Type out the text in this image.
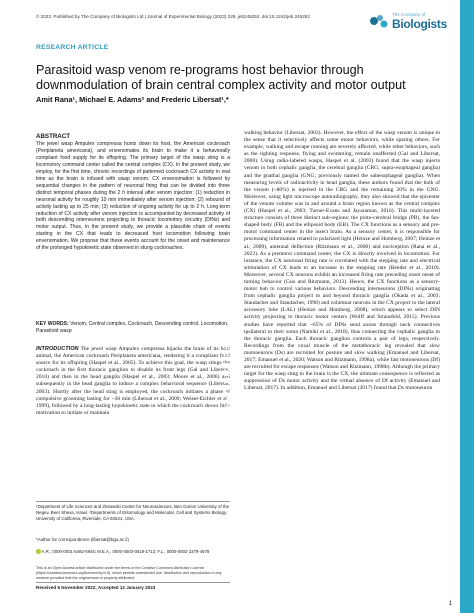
© 2023. Published by The Company of Biologists Ltd | Journal of Experimental Biology (2023) 226, jeb245252. doi:10.1242/jeb.245252	The Company of
Biologists
RESEARCH ARTICLE
Parasitoid wasp venom re-programs host behavior through downmodulation of brain central complex activity and motor output
Amit Rana¹, Michael E. Adams² and Frederic Libersat¹,*
ABSTRACT
The jewel wasp Ampulex compressa hunts down its host, the American cockroach (Periplaneta americana), and envenomates its brain to make it a behaviorally compliant food supply for its offspring. The primary target of the wasp sting is a locomotory command center called the central complex (CX). In the present study, we employ, for the first time, chronic recordings of patterned cockroach CX activity in real time as the brain is infused with wasp venom. CX envenomation is followed by sequential changes in the pattern of neuronal firing that can be divided into three distinct temporal phases during the 2 h interval after venom injection: (1) reduction in neuronal activity for roughly 10 min immediately after venom injection; (2) rebound of activity lasting up to 25 min; (3) reduction of ongoing activity for up to 2 h. Long-term reduction of CX activity after venom injection is accompanied by decreased activity of both descending interneurons projecting to thoracic locomotory circuitry (DINs) and motor output. Thus, in the present study, we provide a plausible chain of events starting in the CX that leads to decreased host locomotion following brain envenomation. We propose that these events account for the onset and maintenance of the prolonged hypokinetic state observed in stung cockroaches.
KEY WORDS: Venom, Central complex, Cockroach, Descending control, Locomotion, Parasitoid wasp
INTRODUCTION The jewel wasp Ampulex compressa hijacks the brain of its host animal, the American cockroach Periplaneta americana, rendering it a compliant food source for its offspring (Haspel et al., 2005). To achieve this goal, the wasp stings the cockroach in the first thoracic ganglion to disable its front legs (Gal and Libersat, 2010) and then in the head ganglia (Haspel et al., 2003; Moore et al., 2006) and subsequently in the head ganglia to induce a complex behavioral sequence (Libersat, 2003). Shortly after the head sting is employed, the cockroach initiates a phase of compulsive grooming lasting for ~30 min (Libersat et al., 2009; Weisel-Eichler et al., 1999), followed by a long-lasting hypokinetic state in which the cockroach shows little motivation to initiate or maintain
¹Department of Life Sciences and Zlotowski Center for Neurosciences, Ben Gurion University of the Negev, Beer Sheva, Israel. ²Departments of Entomology and Molecular, Cell and Systems Biology, University of California, Riverside, CA 92521, USA.
*Author for correspondence (libersat@bgu.ac.il)
A.R., 0000-0001-5482-5946; M.E.A., 0000-0003-0519-1713; F.L., 0000-0002-2379-4678
This is an Open Access article distributed under the terms of the Creative Commons Attribution License (https://creativecommons.org/licenses/by/4.0), which permits unrestricted use, distribution and reproduction in any medium provided that the original work is properly attributed.
Received 6 November 2022; Accepted 12 January 2023
walking behavior (Libersat, 2003). However, the effect of the wasp venom is unique in the sense that it selectively affects some motor behaviors, while sparing others. For example, walking and escape running are severely affected, while other behaviors, such as the righting response, flying and swimming, remain unaffected (Gal and Libersat, 2008). Using radio-labeled wasps, Haspel et al. (2003) found that the wasp injects venom in both cephalic ganglia, the cerebral ganglia (CRG; supra-esophageal ganglia) and the gnathal ganglia (GNG; previously named the subesophageal ganglia). When measuring levels of radioactivity in head ganglia, these authors found that the bulk of the venom (~80%) is injected in the CRG and the remaining 20% in the GNG. Moreover, using light microscope autoradiography, they also showed that the epicenter of the venom volume was in and around a brain region known as the central complex (CX) (Haspel et al., 2003; Turner-Evans and Jayaraman, 2016). This multi-layered structure consists of three distinct sub-regions: the proto-cerebral bridge (PB), the fan-shaped body (FB) and the ellipsoid body (EB). The CX functions as a sensory and pre-motor command center in the insect brain. As a sensory center, it is responsible for processing information related to polarized light (Heinze and Homberg, 2007; Heinze et al., 2009), antennal deflection (Ritzmann et al., 2008) and nociception (Rana et al., 2022). As a premotor command center, the CX is directly involved in locomotion. For instance, the CX neuronal firing rate is correlated with the stepping rate and electrical stimulation of CX leads to an increase in the stepping rate (Bender et al., 2010). Moreover, several CX neurons exhibit an increased firing rate preceding onset onset of turning behavior (Guo and Ritzmann, 2013). Hence, the CX functions as a sensory-motor hub to control various behaviors. Descending interneurons (DINs) originating from cephalic ganglia project to and beyond thoracic ganglia (Okada et al., 2003; Staudacher and Staudacher, 1998) and columnar neurons in the CX project to the lateral accessory lobe (LAL) (Heinze and Homberg, 2008), which appears to select DIN activity projecting to thoracic motor centers (Wolff and Strausfeld, 2015). Previous studies have reported that ~65% of DINs send axons through neck connectives ipsilateral to their soma (Namiki et al., 2018), thus connecting the cephalic ganglia to the thoracic ganglia. Each thoracic ganglion controls a pair of legs, respectively. Recordings from the coxal muscle of the metathoracic leg revealed that slow motoneurons (Ds) are recruited for posture and slow walking (Emanuel and Libersat, 2017; Emanuel et al., 2020; Watson and Ritzmann, 1998a), while fast motoneurons (Df) are recruited for escape responses (Watson and Ritzmann, 1998b). Although the primary target for the wasp sting to the brain is the CX, the ultimate consequence is reflected as suppression of Ds motor activity and the virtual absence of Df activity (Emanuel and Libersat, 2017). In addition, Emanuel and Libersat (2017) found that Ds motoneuron
Journal of Experimental Biology
1
